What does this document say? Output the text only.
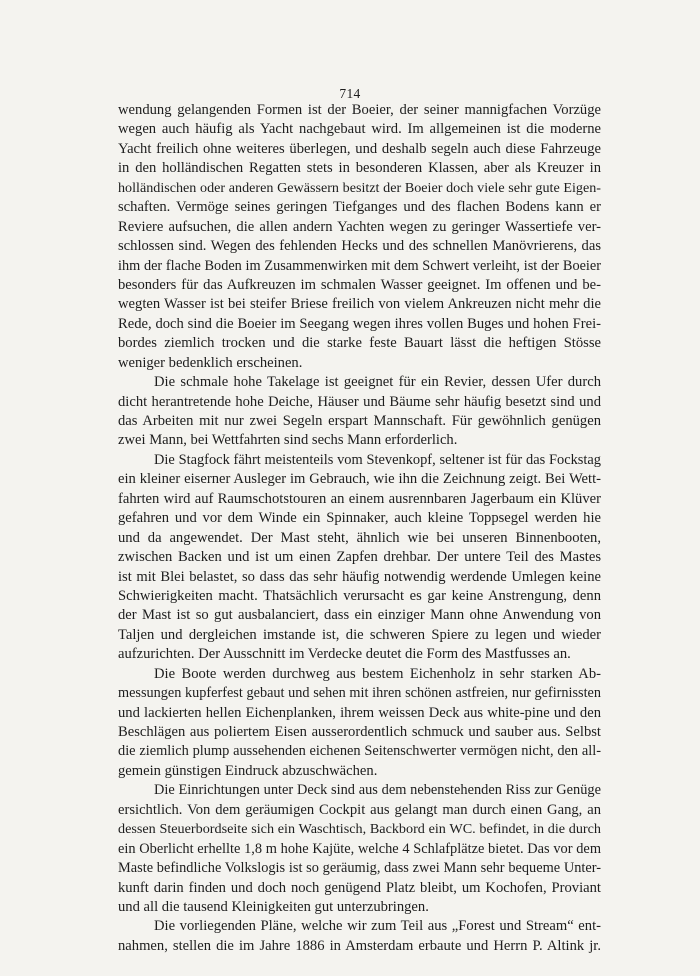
714
wendung gelangenden Formen ist der Boeier, der seiner mannigfachen Vorzüge
wegen auch häufig als Yacht nachgebaut wird. Im allgemeinen ist die moderne
Yacht freilich ohne weiteres überlegen, und deshalb segeln auch diese Fahrzeuge
in den holländischen Regatten stets in besonderen Klassen, aber als Kreuzer in
holländischen oder anderen Gewässern besitzt der Boeier doch viele sehr gute Eigen-
schaften. Vermöge seines geringen Tiefganges und des flachen Bodens kann er
Reviere aufsuchen, die allen andern Yachten wegen zu geringer Wassertiefe ver-
schlossen sind. Wegen des fehlenden Hecks und des schnellen Manövrierens, das
ihm der flache Boden im Zusammenwirken mit dem Schwert verleiht, ist der Boeier
besonders für das Aufkreuzen im schmalen Wasser geeignet. Im offenen und be-
wegten Wasser ist bei steifer Briese freilich von vielem Ankreuzen nicht mehr die
Rede, doch sind die Boeier im Seegang wegen ihres vollen Buges und hohen Frei-
bordes ziemlich trocken und die starke feste Bauart lässt die heftigen Stösse
weniger bedenklich erscheinen.
Die schmale hohe Takelage ist geeignet für ein Revier, dessen Ufer durch
dicht herantretende hohe Deiche, Häuser und Bäume sehr häufig besetzt sind und
das Arbeiten mit nur zwei Segeln erspart Mannschaft. Für gewöhnlich genügen
zwei Mann, bei Wettfahrten sind sechs Mann erforderlich.
Die Stagfock fährt meistenteils vom Stevenkopf, seltener ist für das Fockstag
ein kleiner eiserner Ausleger im Gebrauch, wie ihn die Zeichnung zeigt. Bei Wett-
fahrten wird auf Raumschotstouren an einem ausrennbaren Jagerbaum ein Klüver
gefahren und vor dem Winde ein Spinnaker, auch kleine Toppsegel werden hie
und da angewendet. Der Mast steht, ähnlich wie bei unseren Binnenbooten,
zwischen Backen und ist um einen Zapfen drehbar. Der untere Teil des Mastes
ist mit Blei belastet, so dass das sehr häufig notwendig werdende Umlegen keine
Schwierigkeiten macht. Thatsächlich verursacht es gar keine Anstrengung, denn
der Mast ist so gut ausbalanciert, dass ein einziger Mann ohne Anwendung von
Taljen und dergleichen imstande ist, die schweren Spiere zu legen und wieder
aufzurichten. Der Ausschnitt im Verdecke deutet die Form des Mastfusses an.
Die Boote werden durchweg aus bestem Eichenholz in sehr starken Ab-
messungen kupferfest gebaut und sehen mit ihren schönen astfreien, nur gefirnissten
und lackierten hellen Eichenplanken, ihrem weissen Deck aus white-pine und den
Beschlägen aus poliertem Eisen ausserordentlich schmuck und sauber aus. Selbst
die ziemlich plump aussehenden eichenen Seitenschwerter vermögen nicht, den all-
gemein günstigen Eindruck abzuschwächen.
Die Einrichtungen unter Deck sind aus dem nebenstehenden Riss zur Genüge
ersichtlich. Von dem geräumigen Cockpit aus gelangt man durch einen Gang, an
dessen Steuerbordseite sich ein Waschtisch, Backbord ein WC. befindet, in die durch
ein Oberlicht erhellte 1,8 m hohe Kajüte, welche 4 Schlafplätze bietet. Das vor dem
Maste befindliche Volkslogis ist so geräumig, dass zwei Mann sehr bequeme Unter-
kunft darin finden und doch noch genügend Platz bleibt, um Kochofen, Proviant
und all die tausend Kleinigkeiten gut unterzubringen.
Die vorliegenden Pläne, welche wir zum Teil aus „Forest und Stream“ ent-
nahmen, stellen die im Jahre 1886 in Amsterdam erbaute und Herrn P. Altink jr.
